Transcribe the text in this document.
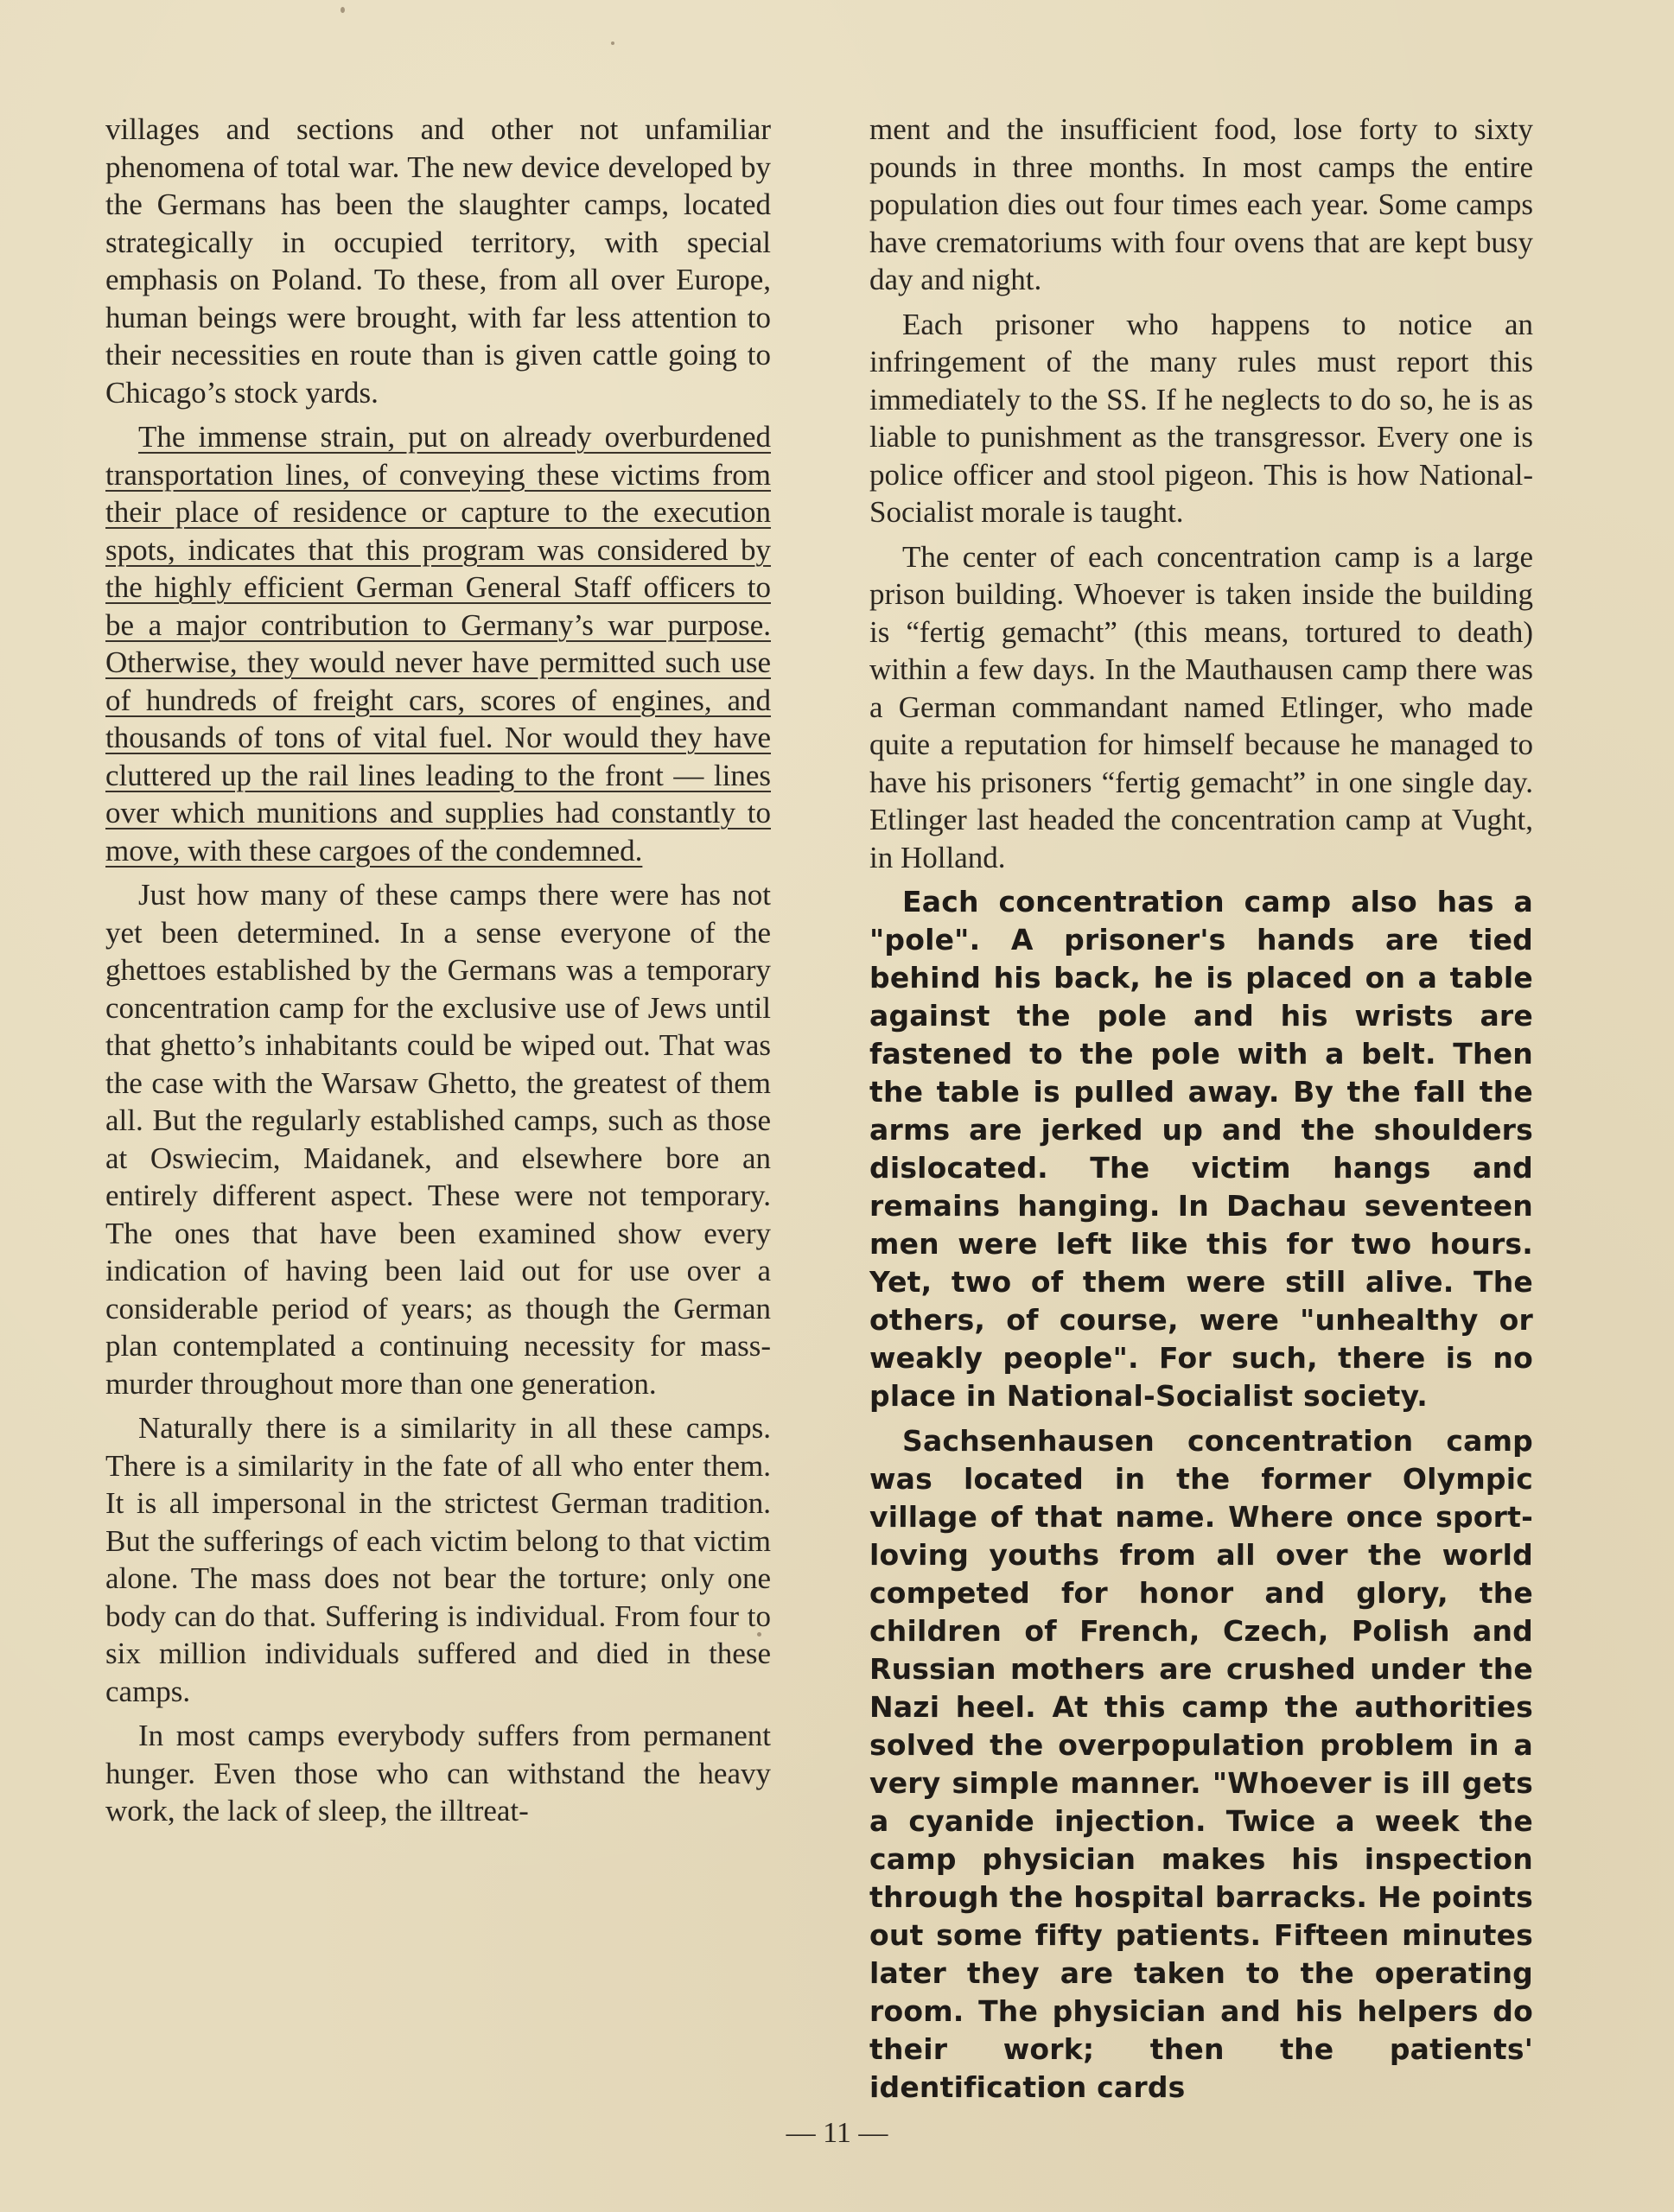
villages and sections and other not unfamiliar phenomena of total war. The new device developed by the Germans has been the slaughter camps, located strategically in occupied territory, with special emphasis on Poland. To these, from all over Europe, human beings were brought, with far less attention to their necessities en route than is given cattle going to Chicago’s stock yards.

The immense strain, put on already overburdened transportation lines, of conveying these victims from their place of residence or capture to the execution spots, indicates that this program was considered by the highly efficient German General Staff officers to be a major contribution to Germany’s war purpose. Otherwise, they would never have permitted such use of hundreds of freight cars, scores of engines, and thousands of tons of vital fuel. Nor would they have cluttered up the rail lines leading to the front — lines over which munitions and supplies had constantly to move, with these cargoes of the condemned.

Just how many of these camps there were has not yet been determined. In a sense everyone of the ghettoes established by the Germans was a temporary concentration camp for the exclusive use of Jews until that ghetto’s inhabitants could be wiped out. That was the case with the Warsaw Ghetto, the greatest of them all. But the regularly established camps, such as those at Oswiecim, Maidanek, and elsewhere bore an entirely different aspect. These were not temporary. The ones that have been examined show every indication of having been laid out for use over a considerable period of years; as though the German plan contemplated a continuing necessity for mass-murder throughout more than one generation.

Naturally there is a similarity in all these camps. There is a similarity in the fate of all who enter them. It is all impersonal in the strictest German tradition. But the sufferings of each victim belong to that victim alone. The mass does not bear the torture; only one body can do that. Suffering is individual. From four to six million individuals suffered and died in these camps.

In most camps everybody suffers from permanent hunger. Even those who can withstand the heavy work, the lack of sleep, the illtreat-

ment and the insufficient food, lose forty to sixty pounds in three months. In most camps the entire population dies out four times each year. Some camps have crematoriums with four ovens that are kept busy day and night.

Each prisoner who happens to notice an infringement of the many rules must report this immediately to the SS. If he neglects to do so, he is as liable to punishment as the transgressor. Every one is police officer and stool pigeon. This is how National-Socialist morale is taught.

The center of each concentration camp is a large prison building. Whoever is taken inside the building is “fertig gemacht” (this means, tortured to death) within a few days. In the Mauthausen camp there was a German commandant named Etlinger, who made quite a reputation for himself because he managed to have his prisoners “fertig gemacht” in one single day. Etlinger last headed the concentration camp at Vught, in Holland.

Each concentration camp also has a "pole". A prisoner's hands are tied behind his back, he is placed on a table against the pole and his wrists are fastened to the pole with a belt. Then the table is pulled away. By the fall the arms are jerked up and the shoulders dislocated. The victim hangs and remains hanging. In Dachau seventeen men were left like this for two hours. Yet, two of them were still alive. The others, of course, were "unhealthy or weakly people". For such, there is no place in National-Socialist society.

Sachsenhausen concentration camp was located in the former Olympic village of that name. Where once sport-loving youths from all over the world competed for honor and glory, the children of French, Czech, Polish and Russian mothers are crushed under the Nazi heel. At this camp the authorities solved the overpopulation problem in a very simple manner. "Whoever is ill gets a cyanide injection. Twice a week the camp physician makes his inspection through the hospital barracks. He points out some fifty patients. Fifteen minutes later they are taken to the operating room. The physician and his helpers do their work; then the patients' identification cards

— 11 —
